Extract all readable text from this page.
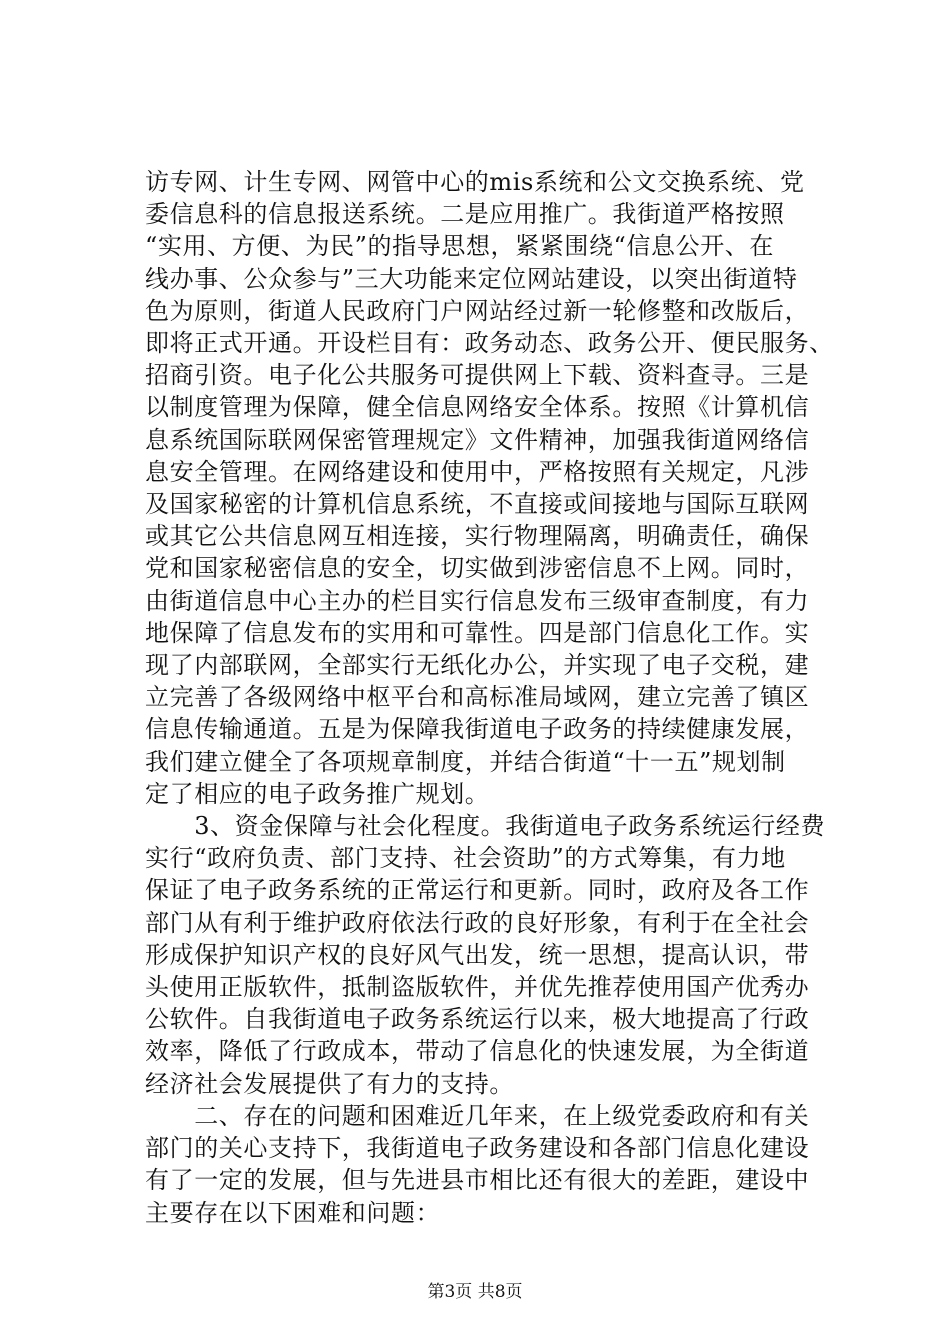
访专网、计生专网、网管中心的mis系统和公文交换系统、党
委信息科的信息报送系统。二是应用推广。我街道严格按照
“实用、方便、为民”的指导思想，紧紧围绕“信息公开、在
线办事、公众参与”三大功能来定位网站建设，以突出街道特
色为原则，街道人民政府门户网站经过新一轮修整和改版后，
即将正式开通。开设栏目有：政务动态、政务公开、便民服务、
招商引资。电子化公共服务可提供网上下载、资料查寻。三是
以制度管理为保障，健全信息网络安全体系。按照《计算机信
息系统国际联网保密管理规定》文件精神，加强我街道网络信
息安全管理。在网络建设和使用中，严格按照有关规定，凡涉
及国家秘密的计算机信息系统，不直接或间接地与国际互联网
或其它公共信息网互相连接，实行物理隔离，明确责任，确保
党和国家秘密信息的安全，切实做到涉密信息不上网。同时，
由街道信息中心主办的栏目实行信息发布三级审查制度，有力
地保障了信息发布的实用和可靠性。四是部门信息化工作。实
现了内部联网，全部实行无纸化办公，并实现了电子交税，建
立完善了各级网络中枢平台和高标准局域网，建立完善了镇区
信息传输通道。五是为保障我街道电子政务的持续健康发展，
我们建立健全了各项规章制度，并结合街道“十一五”规划制
定了相应的电子政务推广规划。
　　3、资金保障与社会化程度。我街道电子政务系统运行经费
实行“政府负责、部门支持、社会资助”的方式筹集，有力地
保证了电子政务系统的正常运行和更新。同时，政府及各工作
部门从有利于维护政府依法行政的良好形象，有利于在全社会
形成保护知识产权的良好风气出发，统一思想，提高认识，带
头使用正版软件，抵制盗版软件，并优先推荐使用国产优秀办
公软件。自我街道电子政务系统运行以来，极大地提高了行政
效率，降低了行政成本，带动了信息化的快速发展，为全街道
经济社会发展提供了有力的支持。
　　二、存在的问题和困难近几年来，在上级党委政府和有关
部门的关心支持下，我街道电子政务建设和各部门信息化建设
有了一定的发展，但与先进县市相比还有很大的差距，建设中
主要存在以下困难和问题：
第3页 共8页
